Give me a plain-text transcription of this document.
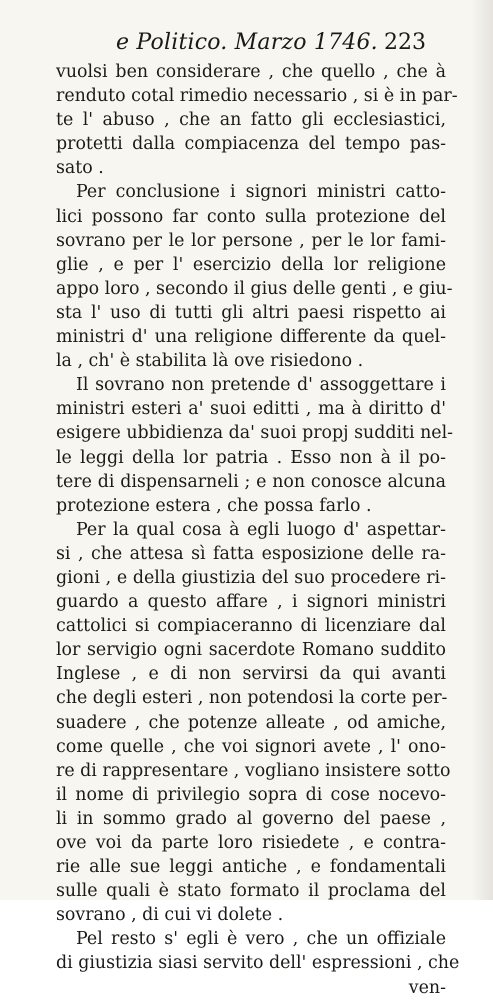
e Politico. Marzo 1746. 223
vuolsi ben considerare , che quello , che à
renduto cotal rimedio necessario , si è in par-
te l' abuso , che an fatto gli ecclesiastici,
protetti dalla compiacenza del tempo pas-
sato .
Per conclusione i signori ministri catto-
lici possono far conto sulla protezione del
sovrano per le lor persone , per le lor fami-
glie , e per l' esercizio della lor religione
appo loro , secondo il gius delle genti , e giu-
sta l' uso di tutti gli altri paesi rispetto ai
ministri d' una religione differente da quel-
la , ch' è stabilita là ove risiedono .
Il sovrano non pretende d' assoggettare i
ministri esteri a' suoi editti , ma à diritto d'
esigere ubbidienza da' suoi propj sudditi nel-
le leggi della lor patria . Esso non à il po-
tere di dispensarneli ; e non conosce alcuna
protezione estera , che possa farlo .
Per la qual cosa à egli luogo d' aspettar-
si , che attesa sì fatta esposizione delle ra-
gioni , e della giustizia del suo procedere ri-
guardo a questo affare , i signori ministri
cattolici si compiaceranno di licenziare dal
lor servigio ogni sacerdote Romano suddito
Inglese , e di non servirsi da qui avanti
che degli esteri , non potendosi la corte per-
suadere , che potenze alleate , od amiche,
come quelle , che voi signori avete , l' ono-
re di rappresentare , vogliano insistere sotto
il nome di privilegio sopra di cose nocevo-
li in sommo grado al governo del paese ,
ove voi da parte loro risiedete , e contra-
rie alle sue leggi antiche , e fondamentali
sulle quali è stato formato il proclama del
sovrano , di cui vi dolete .
Pel resto s' egli è vero , che un offiziale
di giustizia siasi servito dell' espressioni , che
ven-
